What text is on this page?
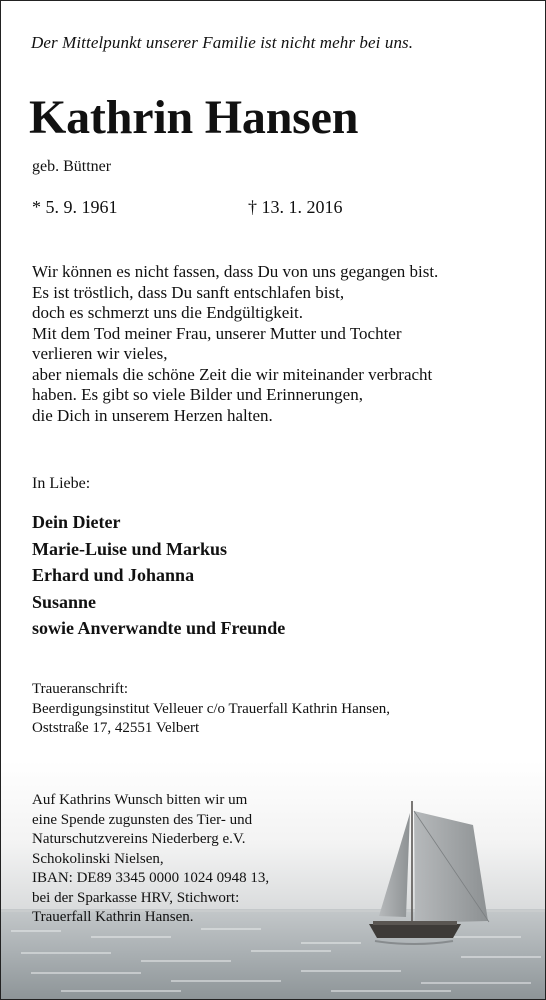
Der Mittelpunkt unserer Familie ist nicht mehr bei uns.
Kathrin Hansen
geb. Büttner
* 5. 9. 1961	† 13. 1. 2016
Wir können es nicht fassen, dass Du von uns gegangen bist.
Es ist tröstlich, dass Du sanft entschlafen bist,
doch es schmerzt uns die Endgültigkeit.
Mit dem Tod meiner Frau, unserer Mutter und Tochter
verlieren wir vieles,
aber niemals die schöne Zeit die wir miteinander verbracht
haben. Es gibt so viele Bilder und Erinnerungen,
die Dich in unserem Herzen halten.
In Liebe:
Dein Dieter
Marie-Luise und Markus
Erhard und Johanna
Susanne
sowie Anverwandte und Freunde
Traueranschrift:
Beerdigungsinstitut Velleuer c/o Trauerfall Kathrin Hansen,
Oststraße 17, 42551 Velbert
Auf Kathrins Wunsch bitten wir um
eine Spende zugunsten des Tier- und
Naturschutzvereins Niederberg e.V.
Schokolinski Nielsen,
IBAN: DE89 3345 0000 1024 0948 13,
bei der Sparkasse HRV, Stichwort:
Trauerfall Kathrin Hansen.
